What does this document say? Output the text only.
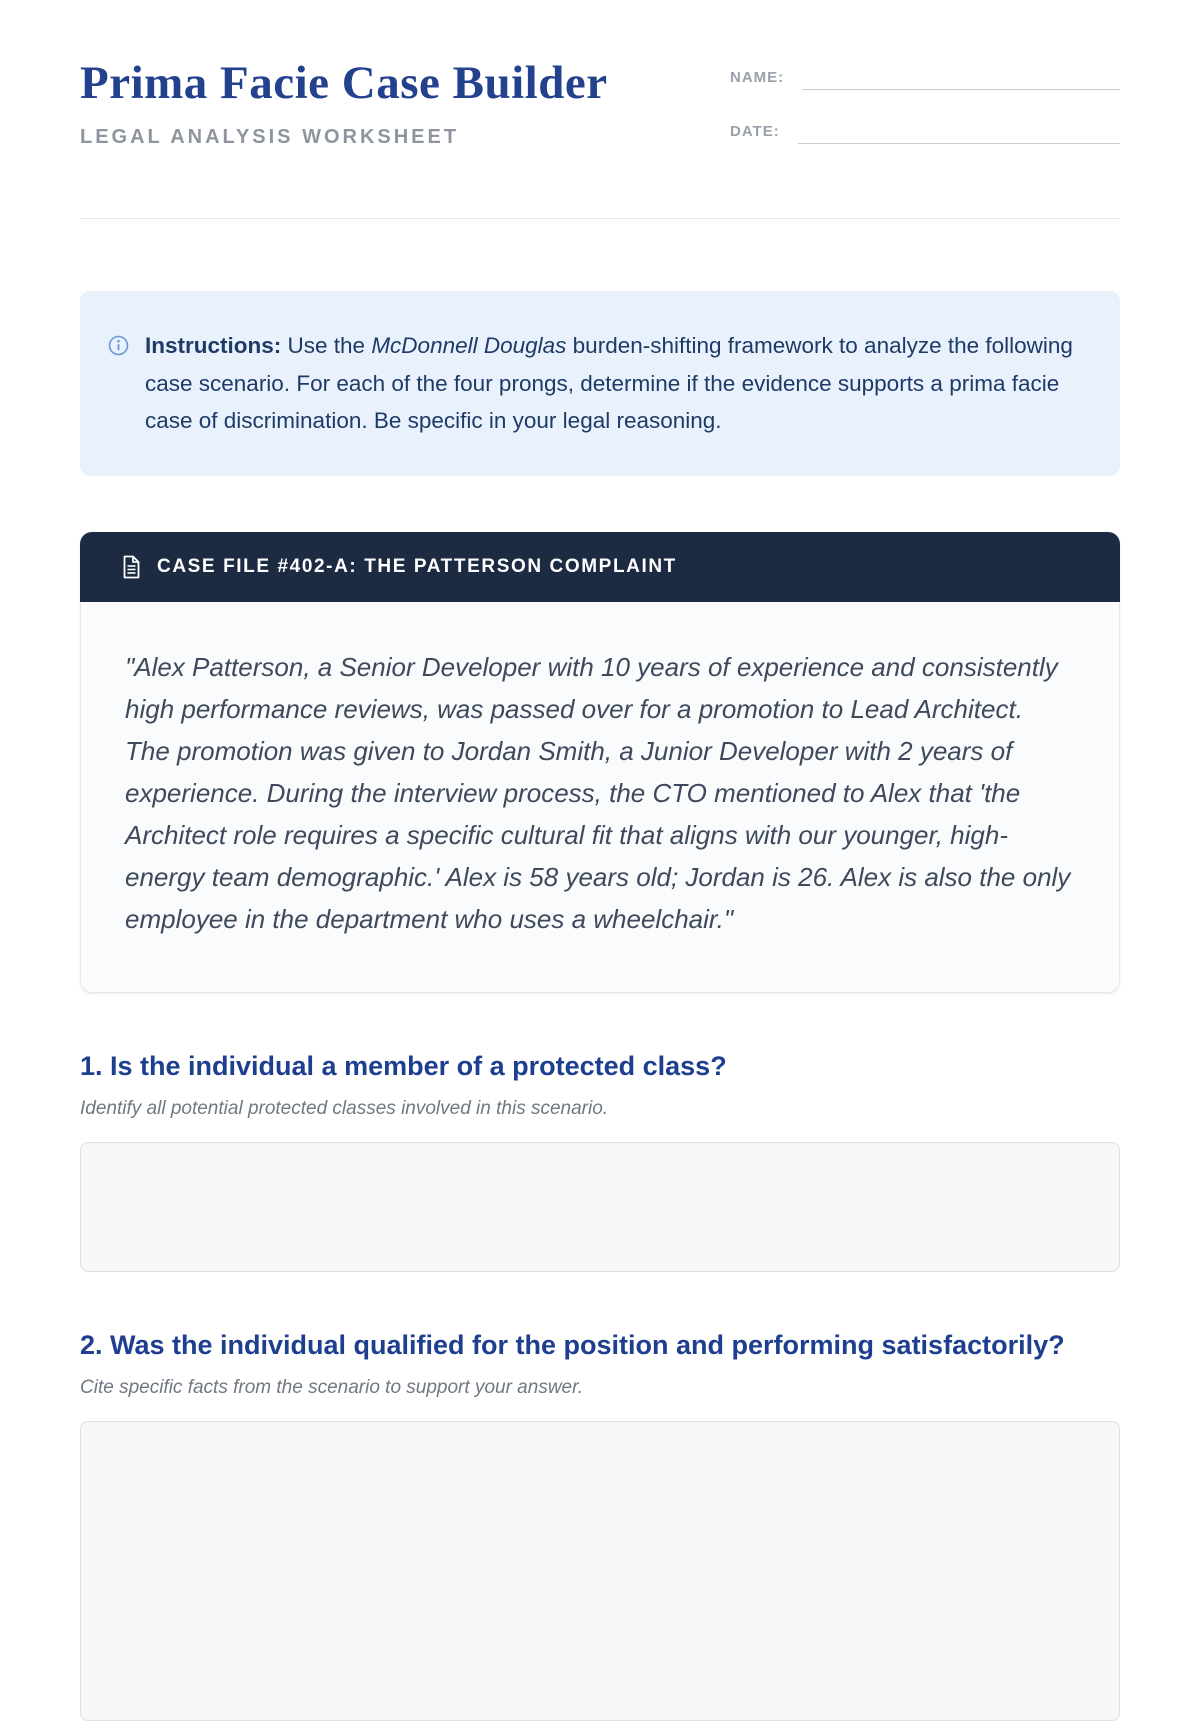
Prima Facie Case Builder
LEGAL ANALYSIS WORKSHEET
NAME:
DATE:
Instructions: Use the McDonnell Douglas burden-shifting framework to analyze the following case scenario. For each of the four prongs, determine if the evidence supports a prima facie case of discrimination. Be specific in your legal reasoning.
CASE FILE #402-A: THE PATTERSON COMPLAINT

"Alex Patterson, a Senior Developer with 10 years of experience and consistently high performance reviews, was passed over for a promotion to Lead Architect. The promotion was given to Jordan Smith, a Junior Developer with 2 years of experience. During the interview process, the CTO mentioned to Alex that 'the Architect role requires a specific cultural fit that aligns with our younger, high-energy team demographic.' Alex is 58 years old; Jordan is 26. Alex is also the only employee in the department who uses a wheelchair."

1. Is the individual a member of a protected class?

Identify all potential protected classes involved in this scenario.

2. Was the individual qualified for the position and performing satisfactorily?

Cite specific facts from the scenario to support your answer.
